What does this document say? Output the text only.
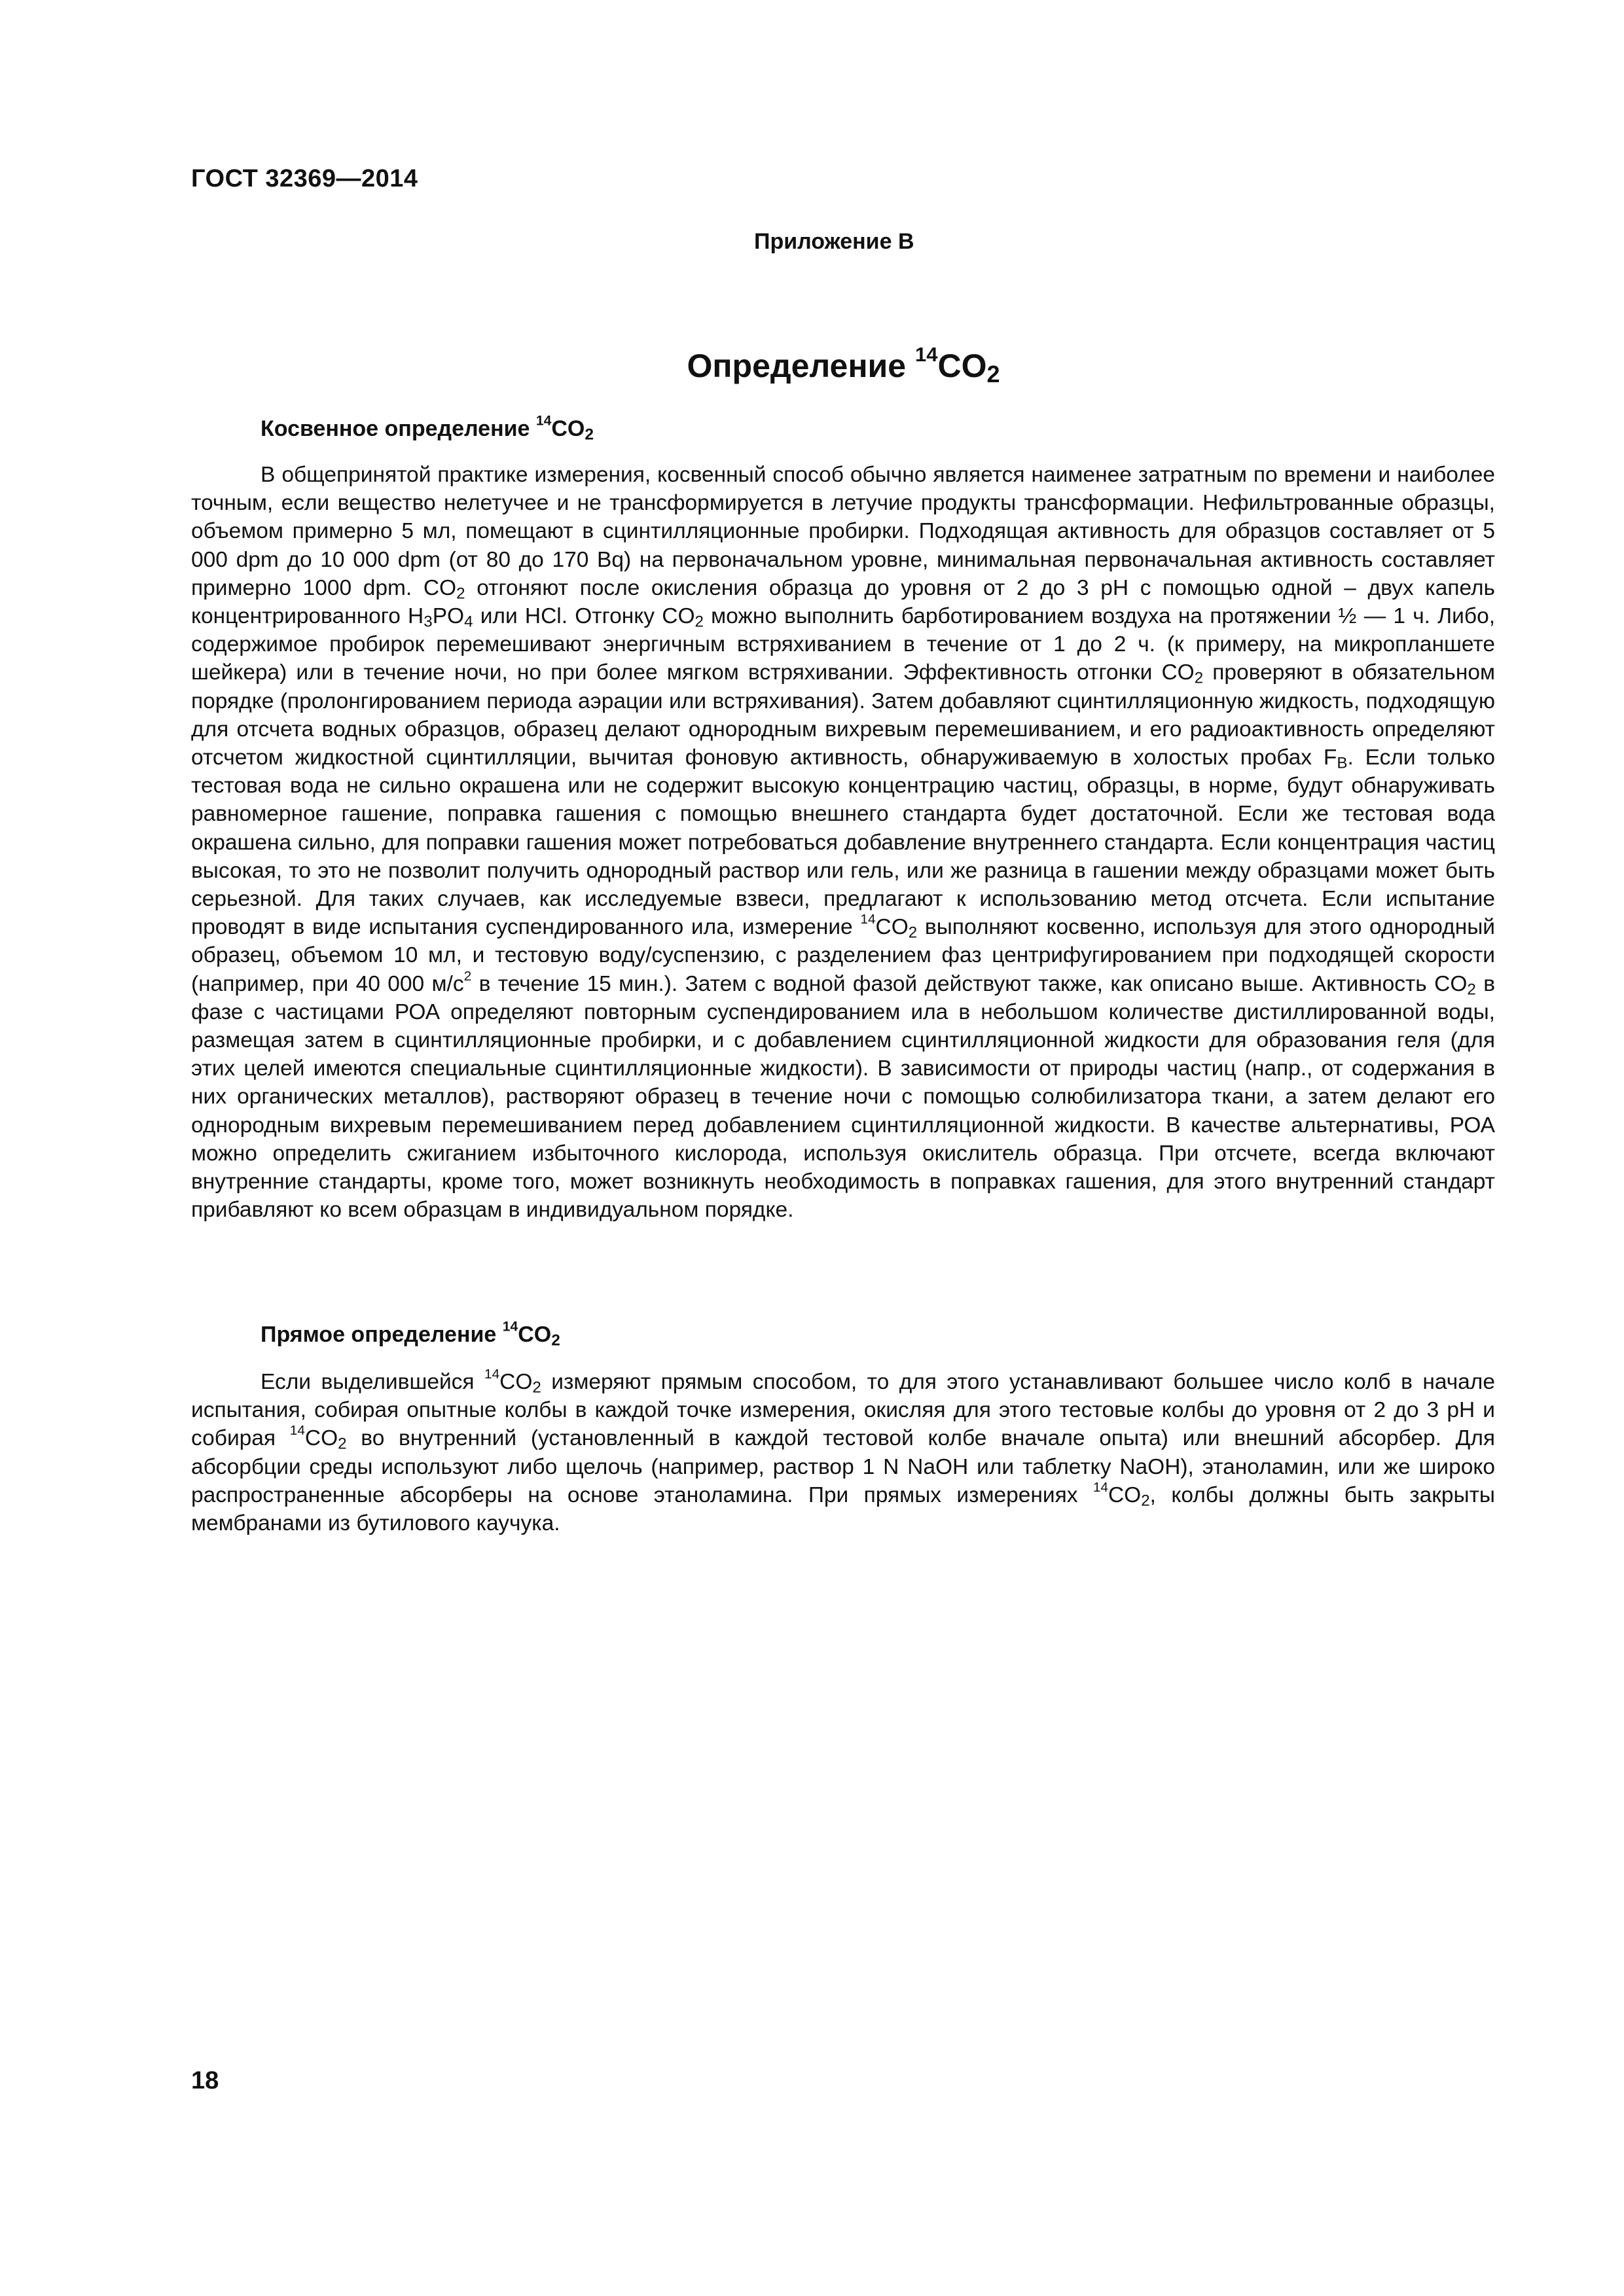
ГОСТ 32369—2014
Приложение В
Определение $^{14}CO_2$
Косвенное определение $^{14}CO_2$
В общепринятой практике измерения, косвенный способ обычно является наименее затратным по времени и наиболее точным, если вещество нелетучее и не трансформируется в летучие продукты трансформации. Нефильтрованные образцы, объемом примерно 5 мл, помещают в сцинтилляционные пробирки. Подходящая активность для образцов составляет от 5 000 dpm до 10 000 dpm (от 80 до 170 Bq) на первоначальном уровне, минимальная первоначальная активность составляет примерно 1000 dpm. $CO_2$ отгоняют после окисления образца до уровня от 2 до 3 pH с помощью одной – двух капель концентрированного $H_3PO_4$ или HCl. Отгонку $CO_2$ можно выполнить барботированием воздуха на протяжении ½ — 1 ч. Либо, содержимое пробирок перемешивают энергичным встряхиванием в течение от 1 до 2 ч. (к примеру, на микропланшете шейкера) или в течение ночи, но при более мягком встряхивании. Эффективность отгонки $CO_2$ проверяют в обязательном порядке (пролонгированием периода аэрации или встряхивания). Затем добавляют сцинтилляционную жидкость, подходящую для отсчета водных образцов, образец делают однородным вихревым перемешиванием, и его радиоактивность определяют отсчетом жидкостной сцинтилляции, вычитая фоновую активность, обнаруживаемую в холостых пробах $F_B$. Если только тестовая вода не сильно окрашена или не содержит высокую концентрацию частиц, образцы, в норме, будут обнаруживать равномерное гашение, поправка гашения с помощью внешнего стандарта будет достаточной. Если же тестовая вода окрашена сильно, для поправки гашения может потребоваться добавление внутреннего стандарта. Если концентрация частиц высокая, то это не позволит получить однородный раствор или гель, или же разница в гашении между образцами может быть серьезной. Для таких случаев, как исследуемые взвеси, предлагают к использованию метод отсчета. Если испытание проводят в виде испытания суспендированного ила, измерение $^{14}CO_2$ выполняют косвенно, используя для этого однородный образец, объемом 10 мл, и тестовую воду/суспензию, с разделением фаз центрифугированием при подходящей скорости (например, при 40 000 $м/с^2$ в течение 15 мин.). Затем с водной фазой действуют также, как описано выше. Активность $CO_2$ в фазе с частицами РОА определяют повторным суспендированием ила в небольшом количестве дистиллированной воды, размещая затем в сцинтилляционные пробирки, и с добавлением сцинтилляционной жидкости для образования геля (для этих целей имеются специальные сцинтилляционные жидкости). В зависимости от природы частиц (напр., от содержания в них органических металлов), растворяют образец в течение ночи с помощью солюбилизатора ткани, а затем делают его однородным вихревым перемешиванием перед добавлением сцинтилляционной жидкости. В качестве альтернативы, РОА можно определить сжиганием избыточного кислорода, используя окислитель образца. При отсчете, всегда включают внутренние стандарты, кроме того, может возникнуть необходимость в поправках гашения, для этого внутренний стандарт прибавляют ко всем образцам в индивидуальном порядке.
Прямое определение $^{14}CO_2$
Если выделившейся $^{14}CO_2$ измеряют прямым способом, то для этого устанавливают большее число колб в начале испытания, собирая опытные колбы в каждой точке измерения, окисляя для этого тестовые колбы до уровня от 2 до 3 pH и собирая $^{14}CO_2$ во внутренний (установленный в каждой тестовой колбе вначале опыта) или внешний абсорбер. Для абсорбции среды используют либо щелочь (например, раствор 1 N NaOH или таблетку NaOH), этаноламин, или же широко распространенные абсорберы на основе этаноламина. При прямых измерениях $^{14}CO_2$, колбы должны быть закрыты мембранами из бутилового каучука.
18
